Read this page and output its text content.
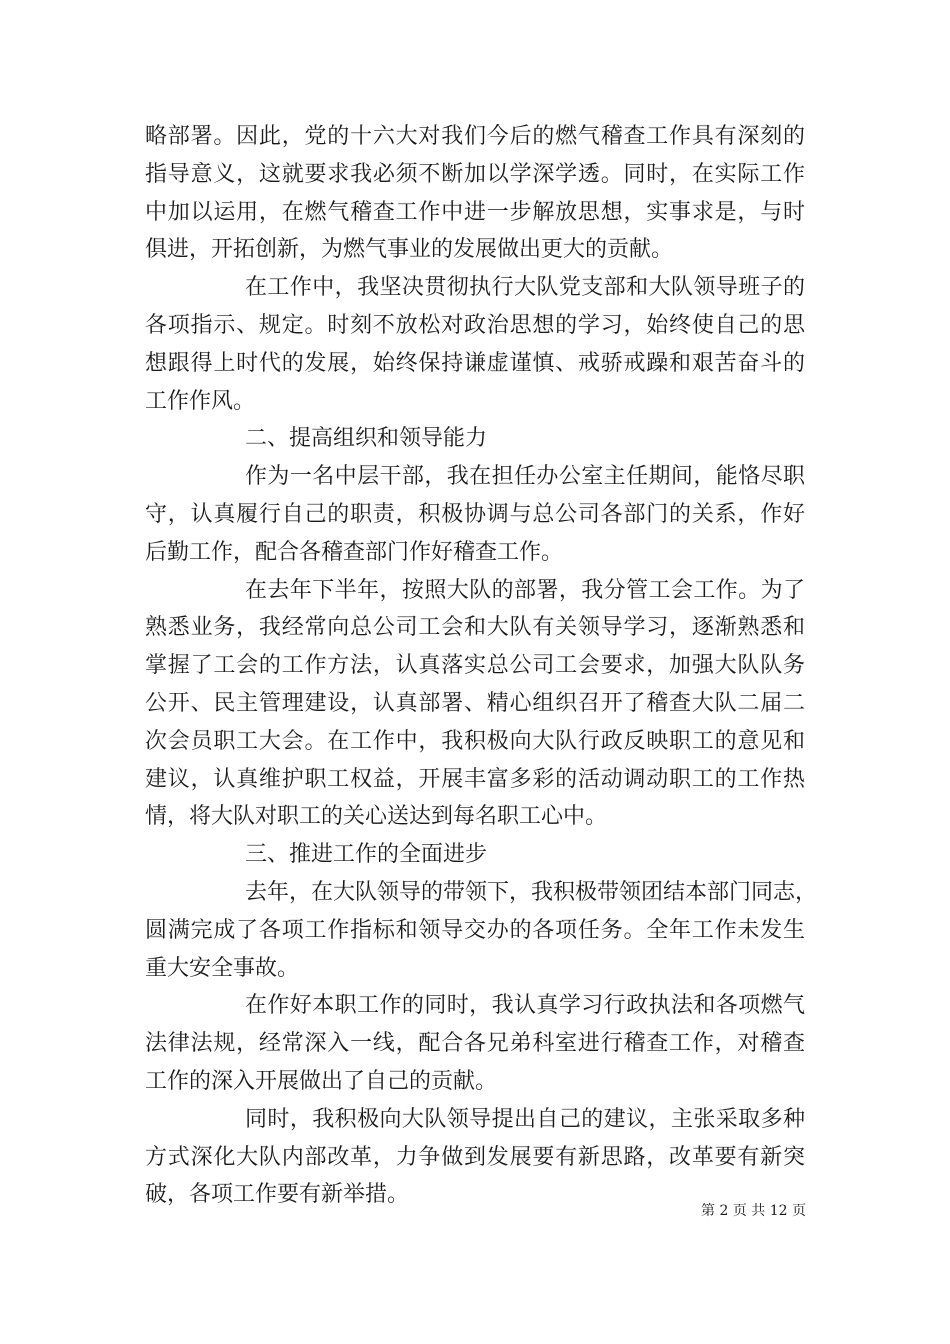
略部署。因此，党的十六大对我们今后的燃气稽查工作具有深刻的
指导意义，这就要求我必须不断加以学深学透。同时，在实际工作
中加以运用，在燃气稽查工作中进一步解放思想，实事求是，与时
俱进，开拓创新，为燃气事业的发展做出更大的贡献。
在工作中，我坚决贯彻执行大队党支部和大队领导班子的
各项指示、规定。时刻不放松对政治思想的学习，始终使自己的思
想跟得上时代的发展，始终保持谦虚谨慎、戒骄戒躁和艰苦奋斗的
工作作风。
二、提高组织和领导能力
作为一名中层干部，我在担任办公室主任期间，能恪尽职
守，认真履行自己的职责，积极协调与总公司各部门的关系，作好
后勤工作，配合各稽查部门作好稽查工作。
在去年下半年，按照大队的部署，我分管工会工作。为了
熟悉业务，我经常向总公司工会和大队有关领导学习，逐渐熟悉和
掌握了工会的工作方法，认真落实总公司工会要求，加强大队队务
公开、民主管理建设，认真部署、精心组织召开了稽查大队二届二
次会员职工大会。在工作中，我积极向大队行政反映职工的意见和
建议，认真维护职工权益，开展丰富多彩的活动调动职工的工作热
情，将大队对职工的关心送达到每名职工心中。
三、推进工作的全面进步
去年，在大队领导的带领下，我积极带领团结本部门同志，
圆满完成了各项工作指标和领导交办的各项任务。全年工作未发生
重大安全事故。
在作好本职工作的同时，我认真学习行政执法和各项燃气
法律法规，经常深入一线，配合各兄弟科室进行稽查工作，对稽查
工作的深入开展做出了自己的贡献。
同时，我积极向大队领导提出自己的建议，主张采取多种
方式深化大队内部改革，力争做到发展要有新思路，改革要有新突
破，各项工作要有新举措。
第 2 页 共 12 页
